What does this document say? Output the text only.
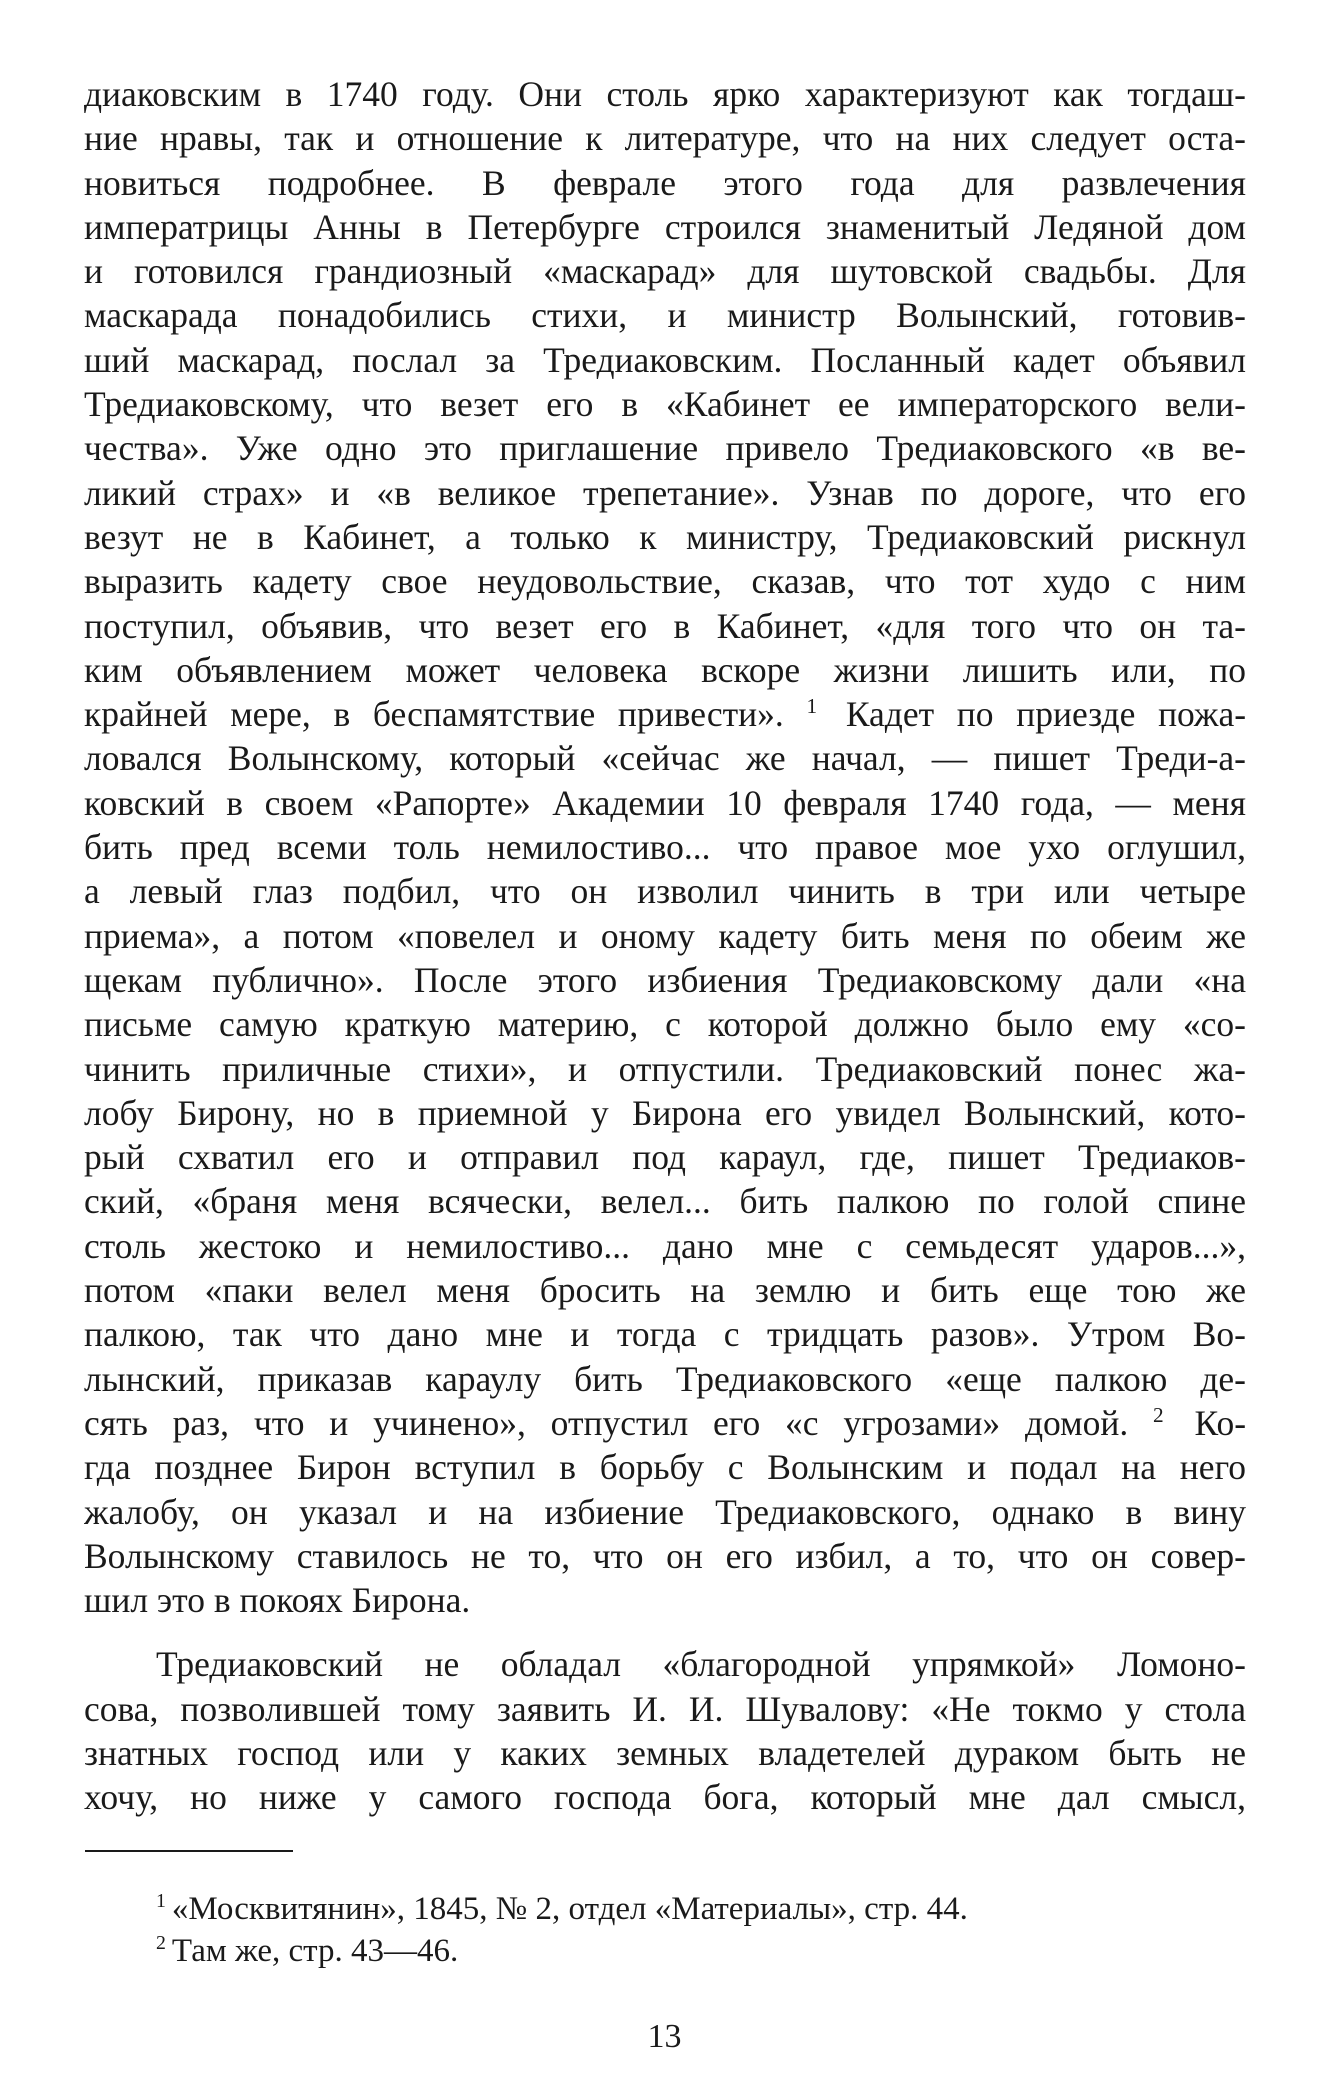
диаковским в 1740 году. Они столь ярко характеризуют как тогдаш-
ние нравы, так и отношение к литературе, что на них следует оста-
новиться подробнее. В феврале этого года для развлечения
императрицы Анны в Петербурге строился знаменитый Ледяной дом
и готовился грандиозный «маскарад» для шутовской свадьбы. Для
маскарада понадобились стихи, и министр Волынский, готовив-
ший маскарад, послал за Тредиаковским. Посланный кадет объявил
Тредиаковскому, что везет его в «Кабинет ее императорского вели-
чества». Уже одно это приглашение привело Тредиаковского «в ве-
ликий страх» и «в великое трепетание». Узнав по дороге, что его
везут не в Кабинет, а только к министру, Тредиаковский рискнул
выразить кадету свое неудовольствие, сказав, что тот худо с ним
поступил, объявив, что везет его в Кабинет, «для того что он та-
ким объявлением может человека вскоре жизни лишить или, по
крайней мере, в беспамятствие привести». $^1$ Кадет по приезде пожа-
ловался Волынскому, который «сейчас же начал, — пишет Треди-а-
ковский в своем «Рапорте» Академии 10 февраля 1740 года, — меня
бить пред всеми толь немилостиво... что правое мое ухо оглушил,
а левый глаз подбил, что он изволил чинить в три или четыре
приема», а потом «повелел и оному кадету бить меня по обеим же
щекам публично». После этого избиения Тредиаковскому дали «на
письме самую краткую материю, с которой должно было ему «со-
чинить приличные стихи», и отпустили. Тредиаковский понес жа-
лобу Бирону, но в приемной у Бирона его увидел Волынский, кото-
рый схватил его и отправил под караул, где, пишет Тредиаков-
ский, «браня меня всячески, велел... бить палкою по голой спине
столь жестоко и немилостиво... дано мне с семьдесят ударов...»,
потом «паки велел меня бросить на землю и бить еще тою же
палкою, так что дано мне и тогда с тридцать разов». Утром Во-
лынский, приказав караулу бить Тредиаковского «еще палкою де-
сять раз, что и учинено», отпустил его «с угрозами» домой. $^2$ Ко-
гда позднее Бирон вступил в борьбу с Волынским и подал на него
жалобу, он указал и на избиение Тредиаковского, однако в вину
Волынскому ставилось не то, что он его избил, а то, что он совер-
шил это в покоях Бирона.
Тредиаковский не обладал «благородной упрямкой» Ломоно-
сова, позволившей тому заявить И. И. Шувалову: «Не токмо у стола
знатных господ или у каких земных владетелей дураком быть не
хочу, но ниже у самого господа бога, который мне дал смысл,
$^1$ «Москвитянин», 1845, № 2, отдел «Материалы», стр. 44.
$^2$ Там же, стр. 43—46.
13
